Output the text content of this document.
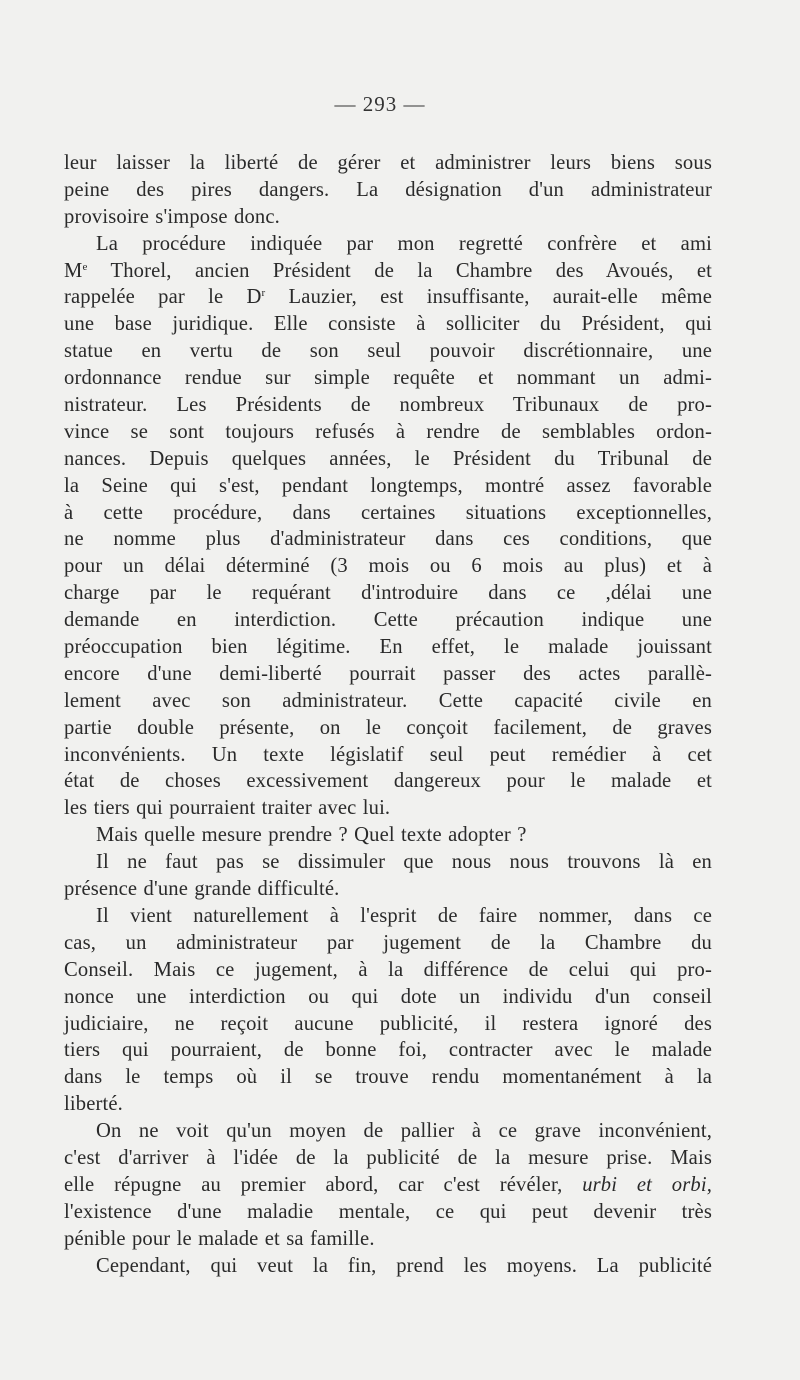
— 293 —
leur laisser la liberté de gérer et administrer leurs biens sous
peine des pires dangers. La désignation d'un administrateur
provisoire s'impose donc.
La procédure indiquée par mon regretté confrère et ami
Me Thorel, ancien Président de la Chambre des Avoués, et
rappelée par le $D^r$ Lauzier, est insuffisante, aurait-elle même
une base juridique. Elle consiste à solliciter du Président, qui
statue en vertu de son seul pouvoir discrétionnaire, une
ordonnance rendue sur simple requête et nommant un admi-
nistrateur. Les Présidents de nombreux Tribunaux de pro-
vince se sont toujours refusés à rendre de semblables ordon-
nances. Depuis quelques années, le Président du Tribunal de
la Seine qui s'est, pendant longtemps, montré assez favorable
à cette procédure, dans certaines situations exceptionnelles,
ne nomme plus d'administrateur dans ces conditions, que
pour un délai déterminé (3 mois ou 6 mois au plus) et à
charge par le requérant d'introduire dans ce ,délai une
demande en interdiction. Cette précaution indique une
préoccupation bien légitime. En effet, le malade jouissant
encore d'une demi-liberté pourrait passer des actes parallè-
lement avec son administrateur. Cette capacité civile en
partie double présente, on le conçoit facilement, de graves
inconvénients. Un texte législatif seul peut remédier à cet
état de choses excessivement dangereux pour le malade et
les tiers qui pourraient traiter avec lui.
Mais quelle mesure prendre ? Quel texte adopter ?
Il ne faut pas se dissimuler que nous nous trouvons là en
présence d'une grande difficulté.
Il vient naturellement à l'esprit de faire nommer, dans ce
cas, un administrateur par jugement de la Chambre du
Conseil. Mais ce jugement, à la différence de celui qui pro-
nonce une interdiction ou qui dote un individu d'un conseil
judiciaire, ne reçoit aucune publicité, il restera ignoré des
tiers qui pourraient, de bonne foi, contracter avec le malade
dans le temps où il se trouve rendu momentanément à la
liberté.
On ne voit qu'un moyen de pallier à ce grave inconvénient,
c'est d'arriver à l'idée de la publicité de la mesure prise. Mais
elle répugne au premier abord, car c'est révéler, urbi et orbi,
l'existence d'une maladie mentale, ce qui peut devenir très
pénible pour le malade et sa famille.
Cependant, qui veut la fin, prend les moyens. La publicité
